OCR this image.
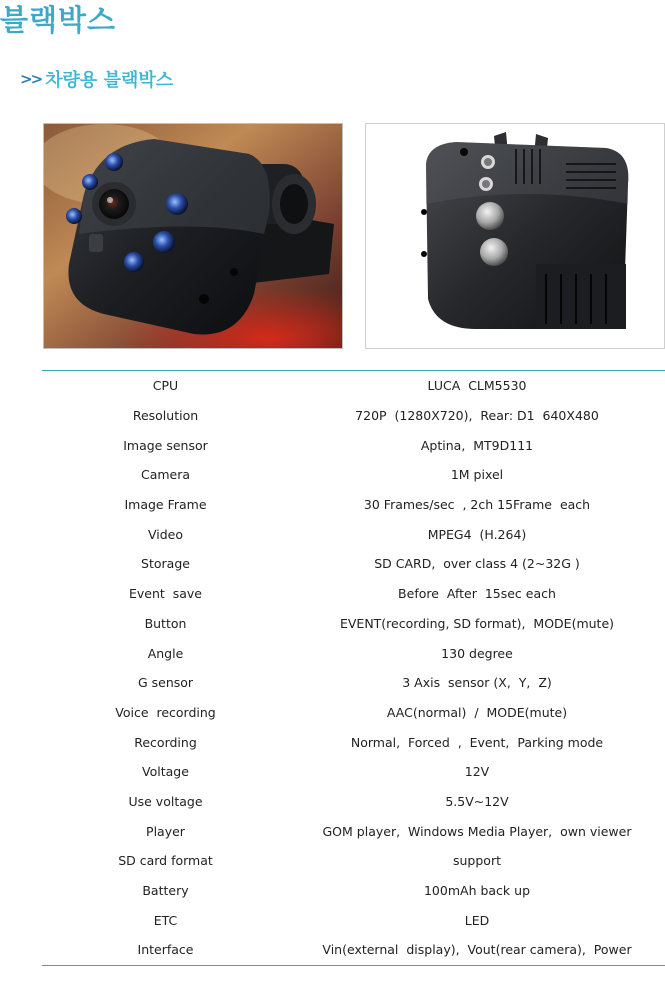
블랙박스
>> 차량용 블랙박스
CPU	LUCA  CLM5530
Resolution	720P  (1280X720),  Rear: D1  640X480
Image sensor	Aptina,  MT9D111
Camera	1M pixel
Image Frame	30 Frames/sec  , 2ch 15Frame  each
Video	MPEG4  (H.264)
Storage	SD CARD,  over class 4 (2~32G )
Event  save	Before  After  15sec each
Button	EVENT(recording, SD format),  MODE(mute)
Angle	130 degree
G sensor	3 Axis  sensor (X,  Y,  Z)
Voice  recording	AAC(normal)  /  MODE(mute)
Recording	Normal,  Forced  ,  Event,  Parking mode
Voltage	12V
Use voltage	5.5V~12V
Player	GOM player,  Windows Media Player,  own viewer
SD card format	support
Battery	100mAh back up
ETC	LED
Interface	Vin(external  display),  Vout(rear camera),  Power
